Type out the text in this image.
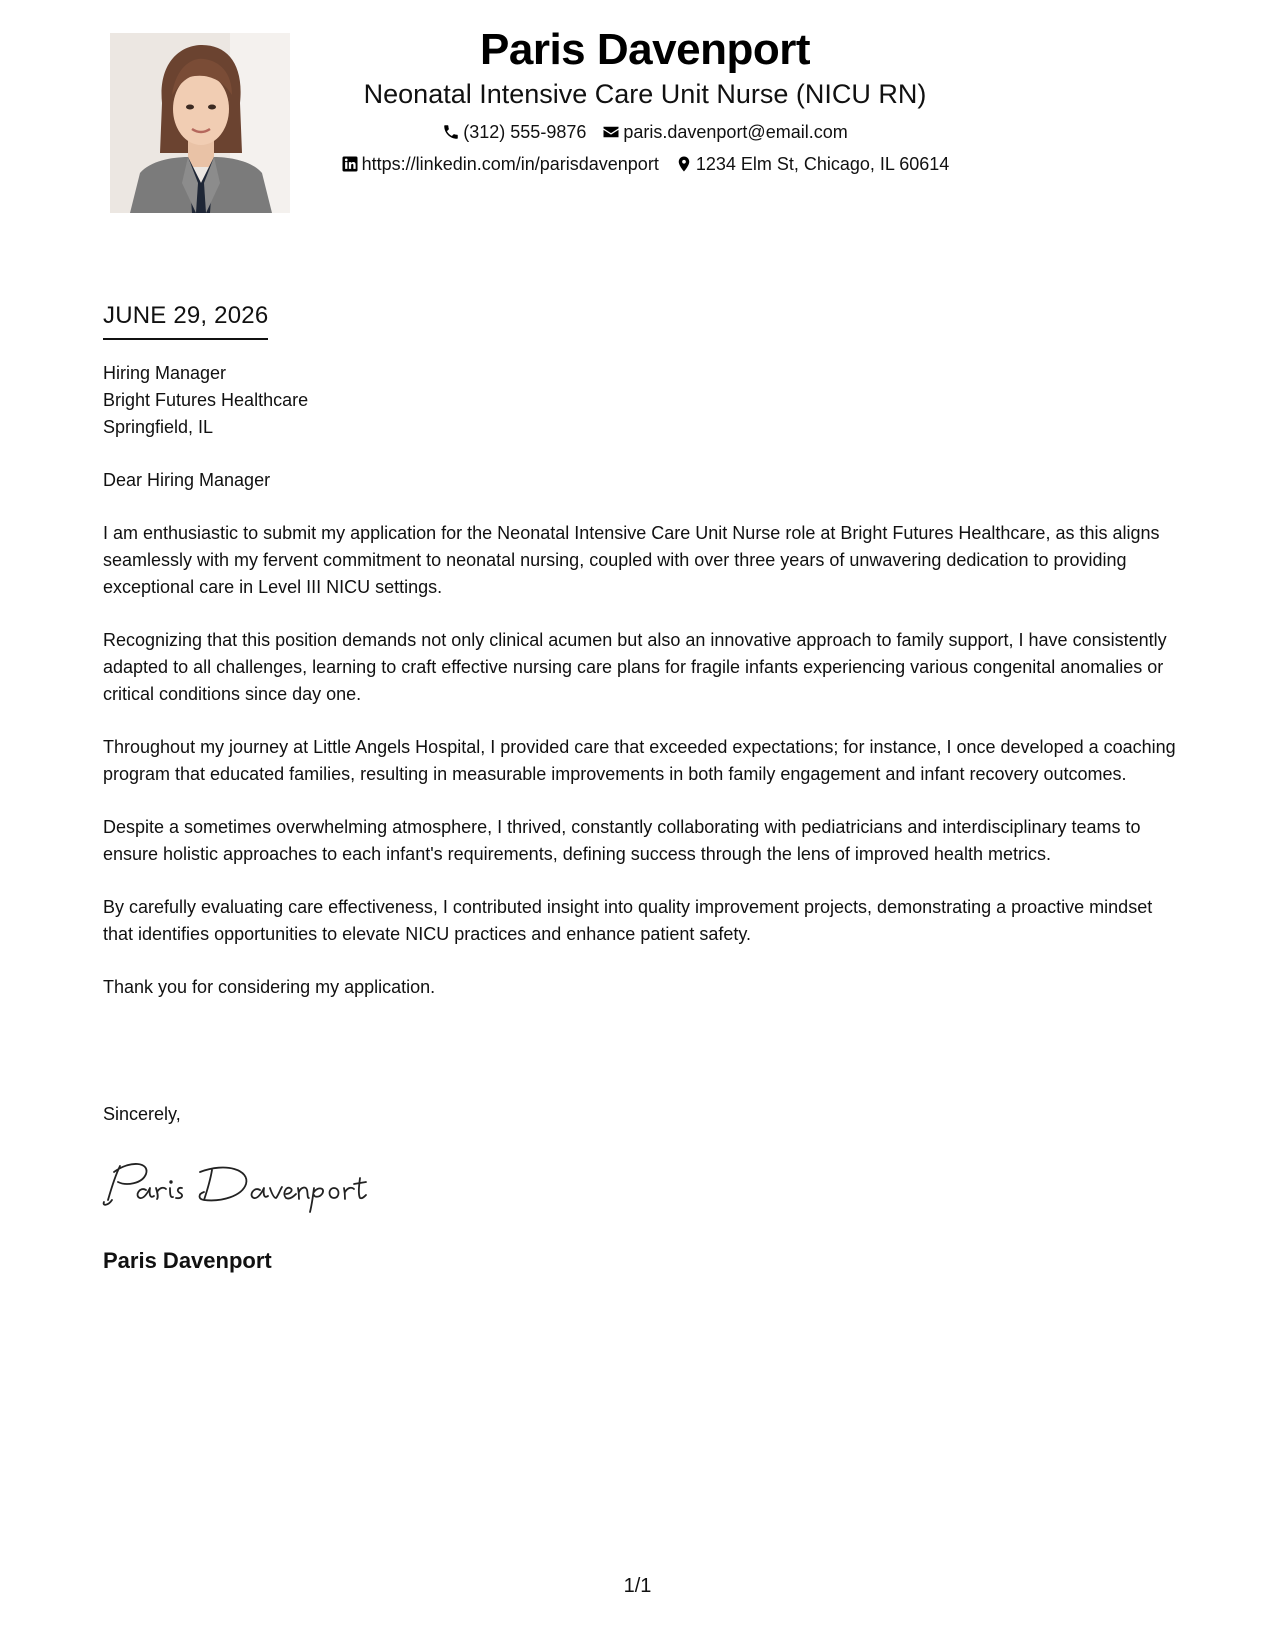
Paris Davenport
Neonatal Intensive Care Unit Nurse (NICU RN)
(312) 555-9876 paris.davenport@email.com
https://linkedin.com/in/parisdavenport 1234 Elm St, Chicago, IL 60614
JUNE 29, 2026
Hiring Manager
Bright Futures Healthcare
Springfield, IL

Dear Hiring Manager

I am enthusiastic to submit my application for the Neonatal Intensive Care Unit Nurse role at Bright Futures Healthcare, as this aligns seamlessly with my fervent commitment to neonatal nursing, coupled with over three years of unwavering dedication to providing exceptional care in Level III NICU settings.

Recognizing that this position demands not only clinical acumen but also an innovative approach to family support, I have consistently adapted to all challenges, learning to craft effective nursing care plans for fragile infants experiencing various congenital anomalies or critical conditions since day one.

Throughout my journey at Little Angels Hospital, I provided care that exceeded expectations; for instance, I once developed a coaching program that educated families, resulting in measurable improvements in both family engagement and infant recovery outcomes.

Despite a sometimes overwhelming atmosphere, I thrived, constantly collaborating with pediatricians and interdisciplinary teams to ensure holistic approaches to each infant's requirements, defining success through the lens of improved health metrics.

By carefully evaluating care effectiveness, I contributed insight into quality improvement projects, demonstrating a proactive mindset that identifies opportunities to elevate NICU practices and enhance patient safety.

Thank you for considering my application.

Sincerely,
Paris Davenport
1/1
